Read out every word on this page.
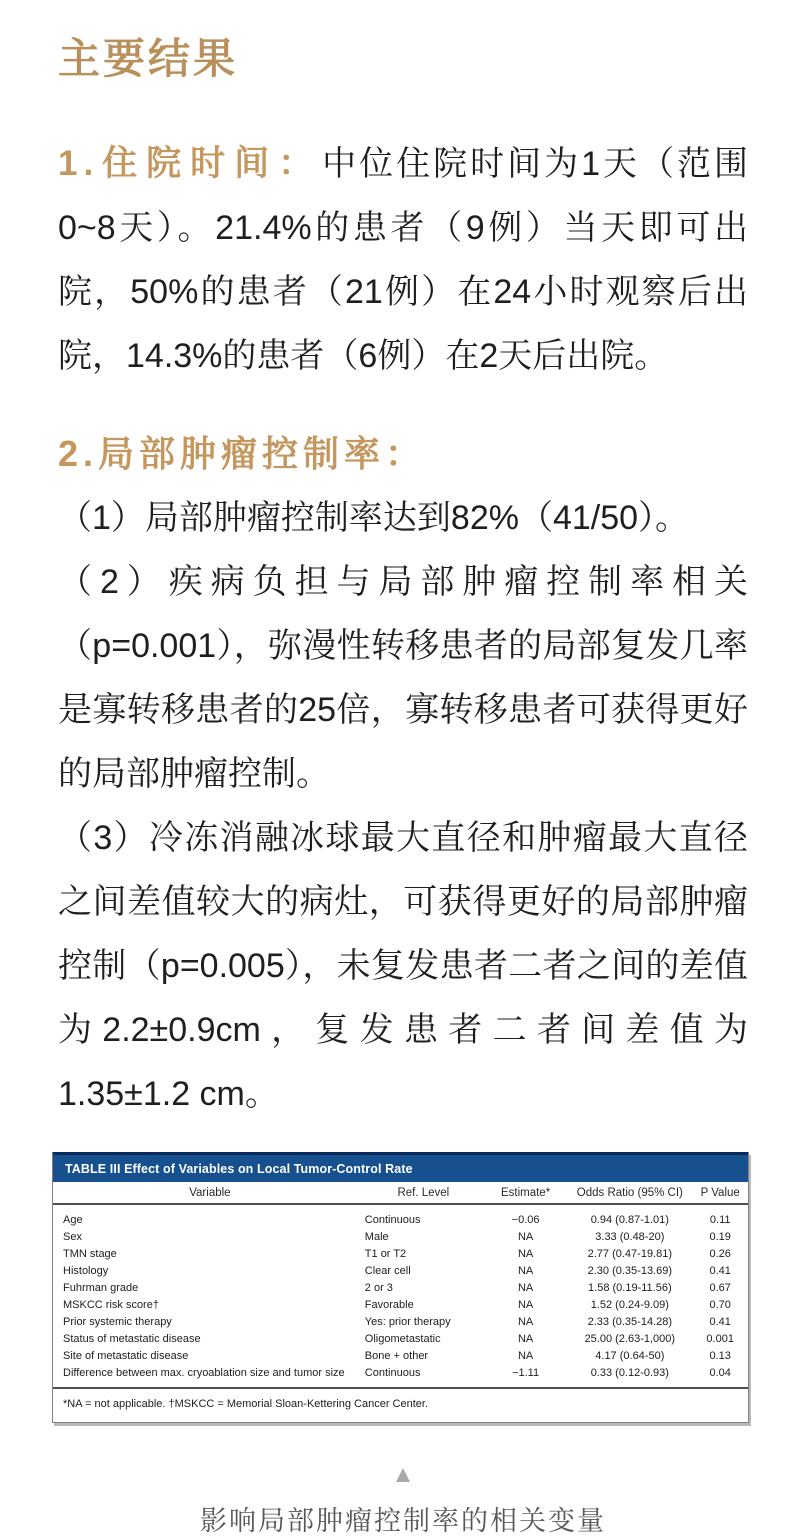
主要结果

1.住院时间：中位住院时间为1天（范围0~8天）。21.4%的患者（9例）当天即可出院，50%的患者（21例）在24小时观察后出院，14.3%的患者（6例）在2天后出院。

2.局部肿瘤控制率：

（1）局部肿瘤控制率达到82%（41/50）。

（2）疾病负担与局部肿瘤控制率相关（p=0.001），弥漫性转移患者的局部复发几率是寡转移患者的25倍，寡转移患者可获得更好的局部肿瘤控制。

（3）冷冻消融冰球最大直径和肿瘤最大直径之间差值较大的病灶，可获得更好的局部肿瘤控制（p=0.005），未复发患者二者之间的差值为2.2±0.9cm，复发患者二者间差值为1.35±1.2 cm。

TABLE III Effect of Variables on Local Tumor-Control Rate
Variable	Ref. Level	Estimate*	Odds Ratio (95% CI)	P Value
Age	Continuous	−0.06	0.94 (0.87-1.01)	0.11
Sex	Male	NA	3.33 (0.48-20)	0.19
TMN stage	T1 or T2	NA	2.77 (0.47-19.81)	0.26
Histology	Clear cell	NA	2.30 (0.35-13.69)	0.41
Fuhrman grade	2 or 3	NA	1.58 (0.19-11.56)	0.67
MSKCC risk score†	Favorable	NA	1.52 (0.24-9.09)	0.70
Prior systemic therapy	Yes: prior therapy	NA	2.33 (0.35-14.28)	0.41
Status of metastatic disease	Oligometastatic	NA	25.00 (2.63-1,000)	0.001
Site of metastatic disease	Bone + other	NA	4.17 (0.64-50)	0.13
Difference between max. cryoablation size and tumor size	Continuous	−1.11	0.33 (0.12-0.93)	0.04
*NA = not applicable. †MSKCC = Memorial Sloan-Kettering Cancer Center.
▲
影响局部肿瘤控制率的相关变量
